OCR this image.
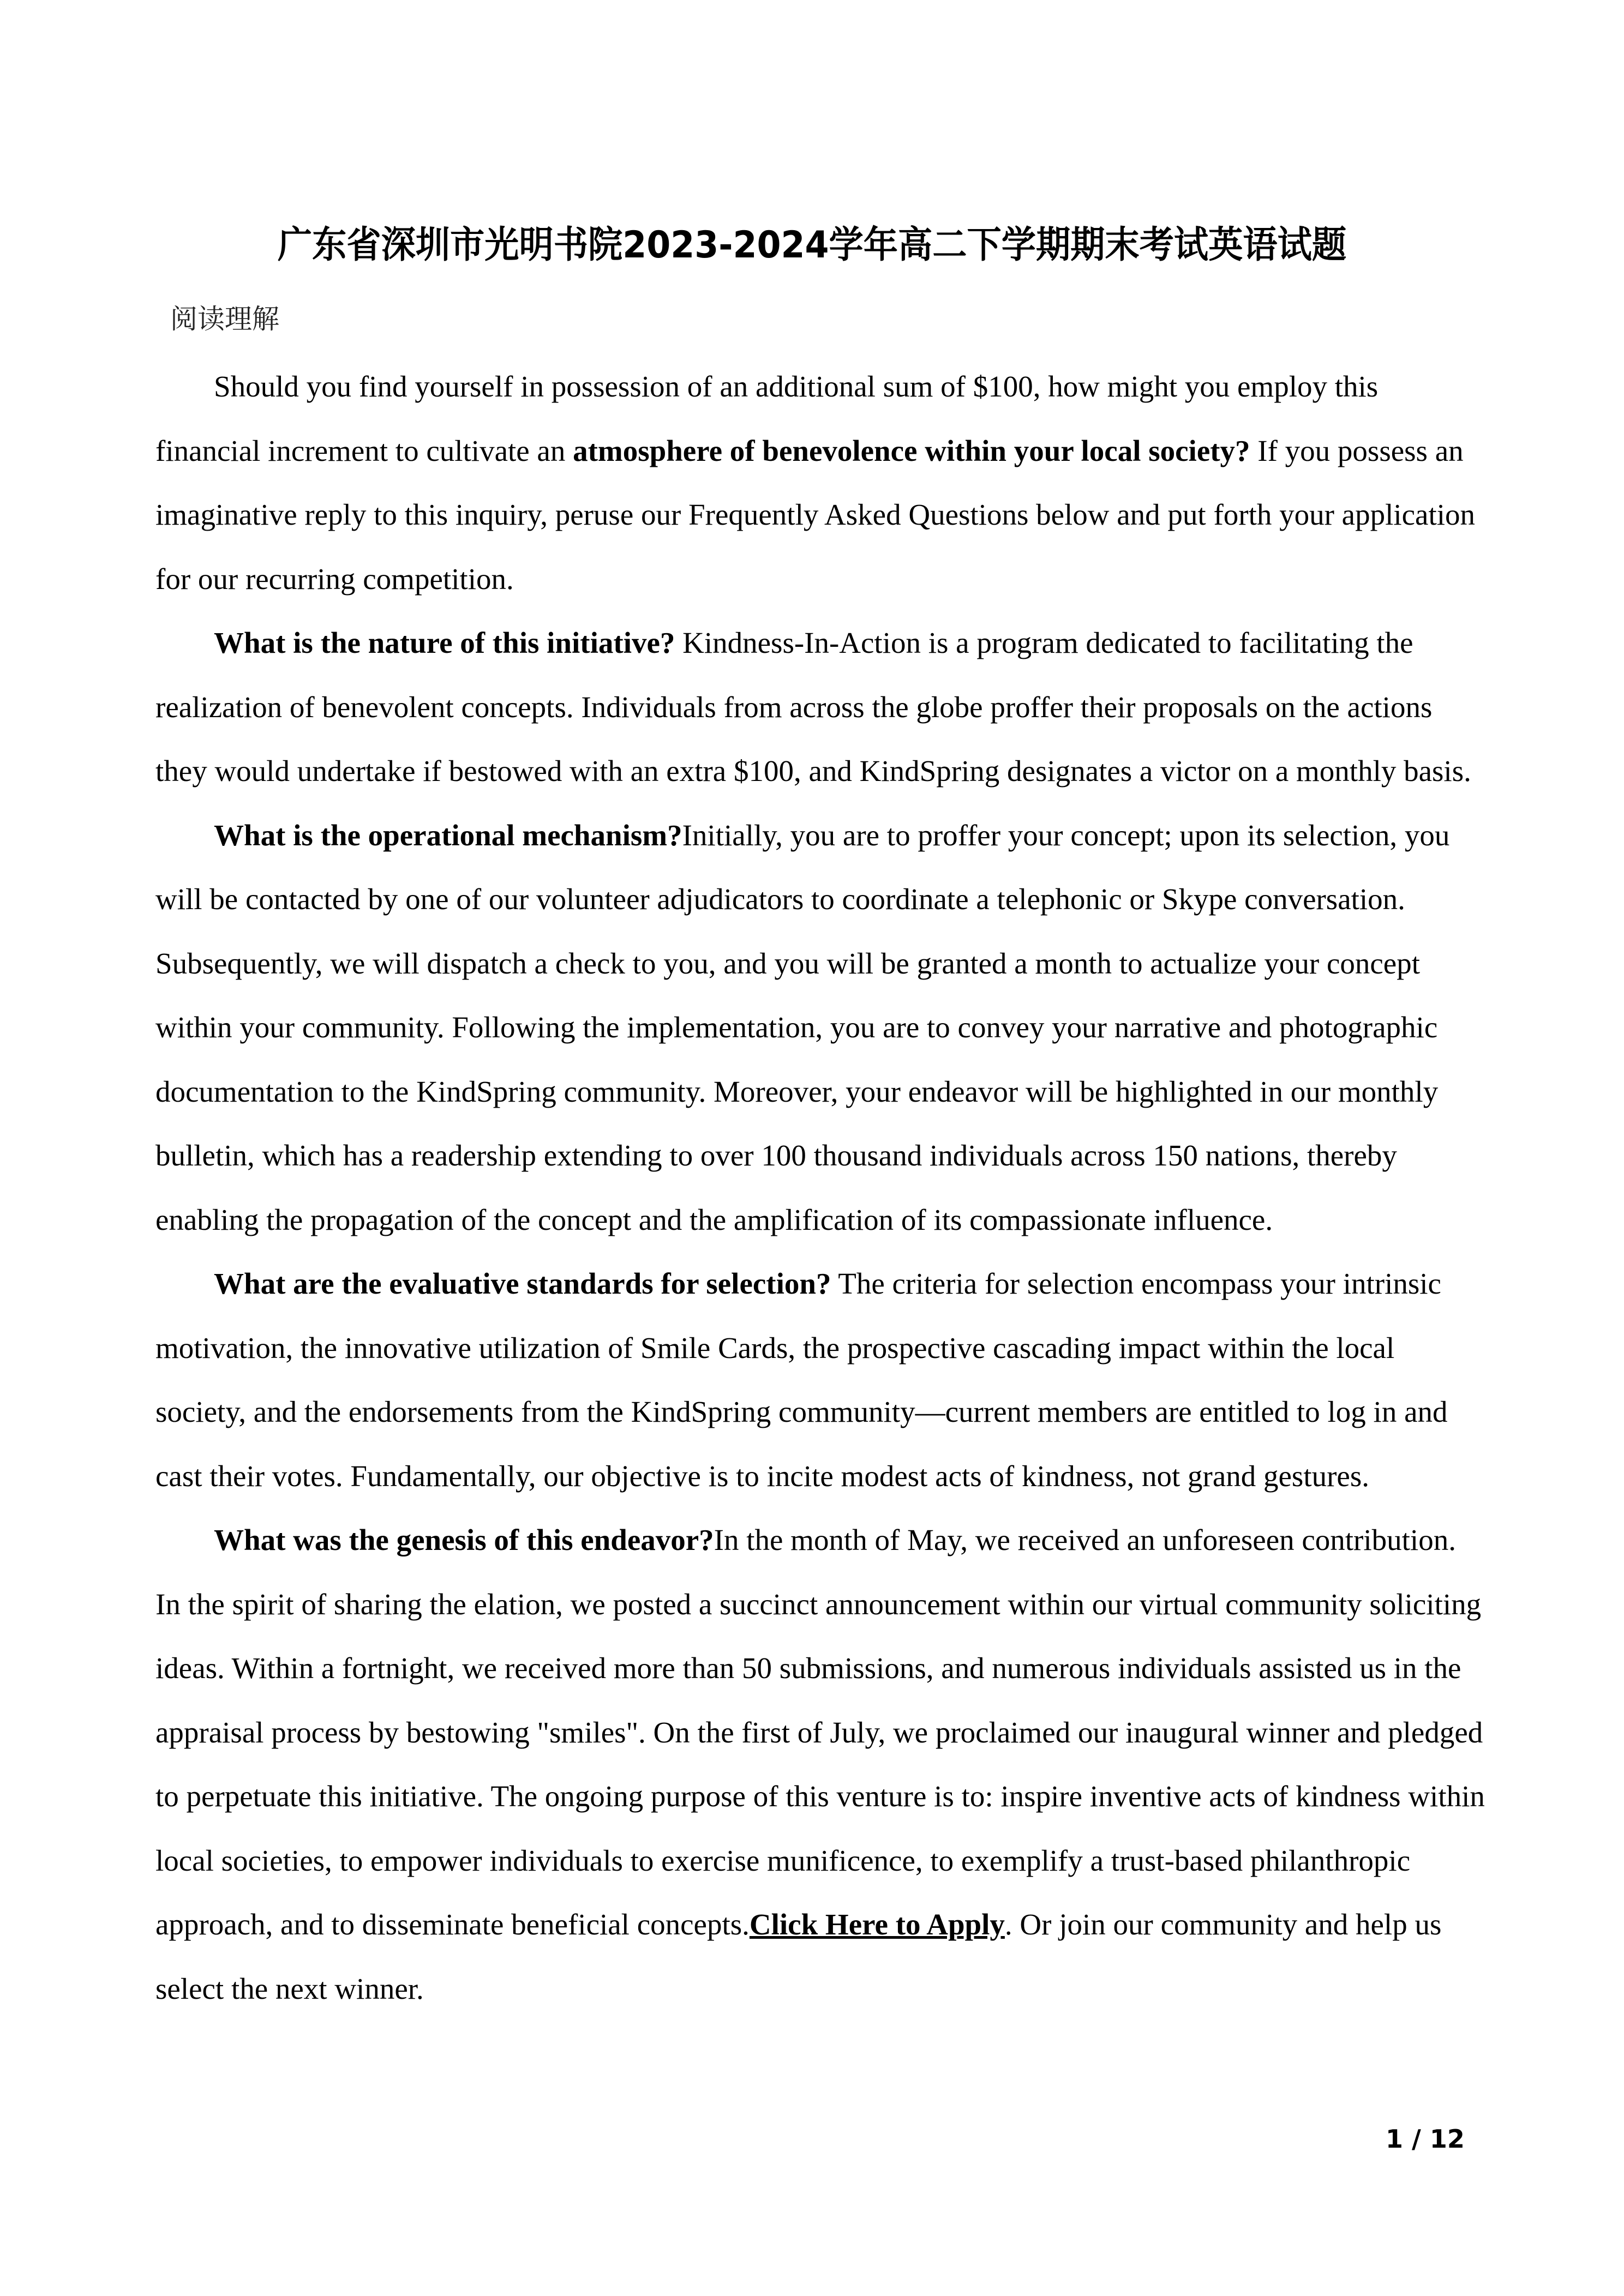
广东省深圳市光明书院2023-2024学年高二下学期期末考试英语试题
阅读理解

Should you find yourself in possession of an additional sum of $100, how might you employ this financial increment to cultivate an atmosphere of benevolence within your local society? If you possess an imaginative reply to this inquiry, peruse our Frequently Asked Questions below and put forth your application for our recurring competition.

What is the nature of this initiative? Kindness-In-Action is a program dedicated to facilitating the realization of benevolent concepts. Individuals from across the globe proffer their proposals on the actions they would undertake if bestowed with an extra $100, and KindSpring designates a victor on a monthly basis.

What is the operational mechanism?Initially, you are to proffer your concept; upon its selection, you will be contacted by one of our volunteer adjudicators to coordinate a telephonic or Skype conversation. Subsequently, we will dispatch a check to you, and you will be granted a month to actualize your concept within your community. Following the implementation, you are to convey your narrative and photographic documentation to the KindSpring community. Moreover, your endeavor will be highlighted in our monthly bulletin, which has a readership extending to over 100 thousand individuals across 150 nations, thereby enabling the propagation of the concept and the amplification of its compassionate influence.

What are the evaluative standards for selection? The criteria for selection encompass your intrinsic motivation, the innovative utilization of Smile Cards, the prospective cascading impact within the local society, and the endorsements from the KindSpring community—current members are entitled to log in and cast their votes. Fundamentally, our objective is to incite modest acts of kindness, not grand gestures.

What was the genesis of this endeavor?In the month of May, we received an unforeseen contribution. In the spirit of sharing the elation, we posted a succinct announcement within our virtual community soliciting ideas. Within a fortnight, we received more than 50 submissions, and numerous individuals assisted us in the appraisal process by bestowing "smiles". On the first of July, we proclaimed our inaugural winner and pledged to perpetuate this initiative. The ongoing purpose of this venture is to: inspire inventive acts of kindness within local societies, to empower individuals to exercise munificence, to exemplify a trust-based philanthropic approach, and to disseminate beneficial concepts.Click Here to Apply. Or join our community and help us select the next winner.

1 / 12
